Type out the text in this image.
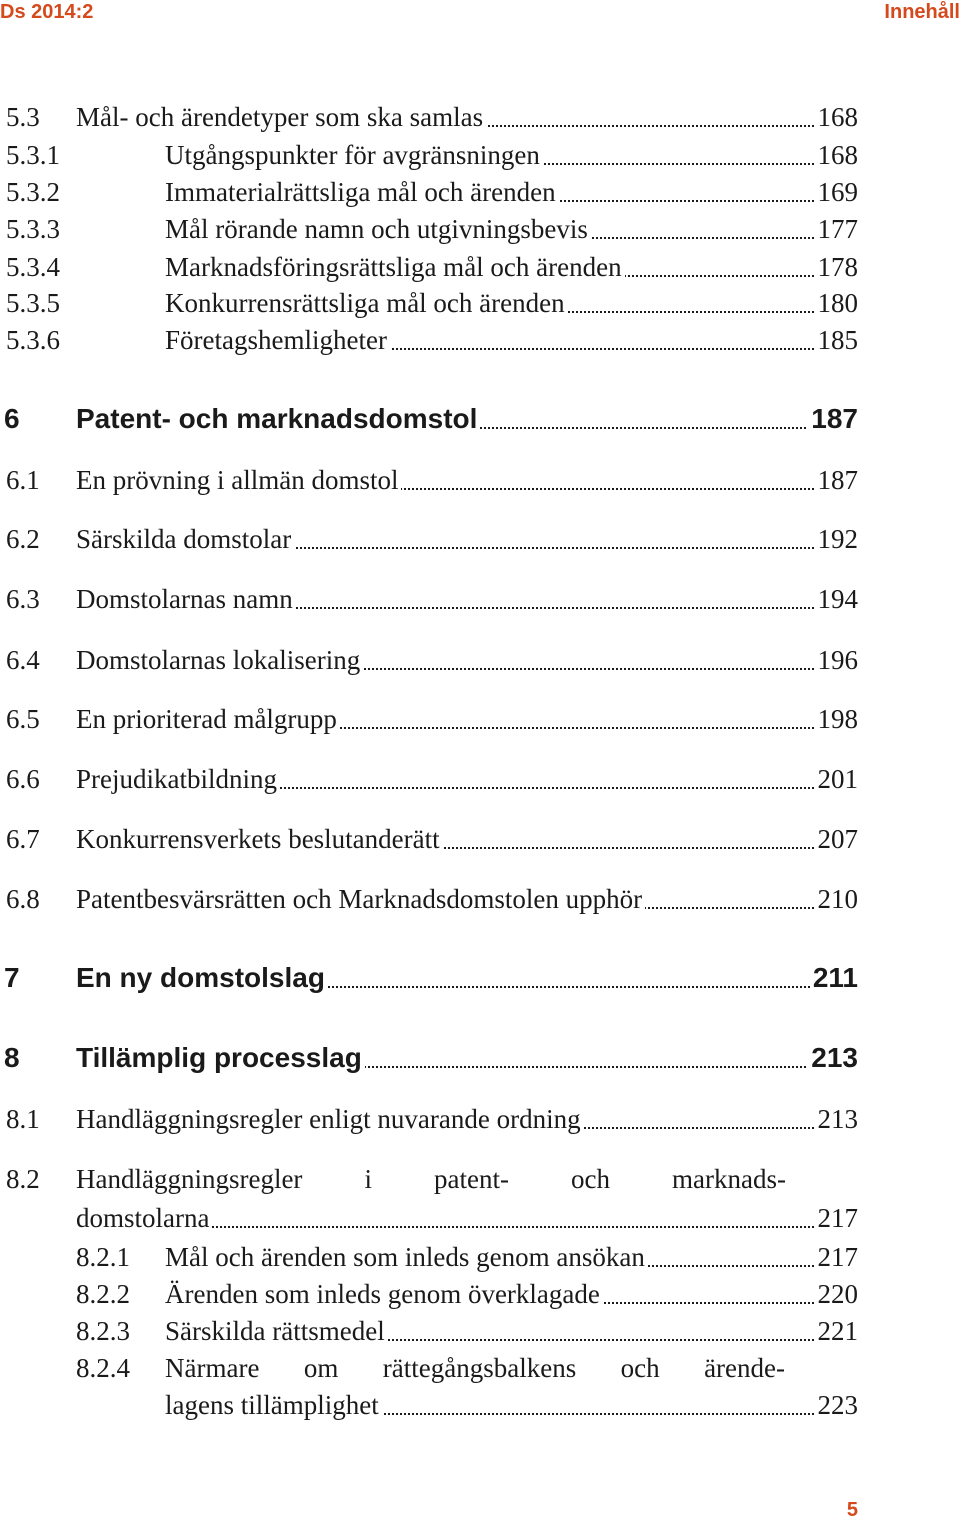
Ds 2014:2	Innehåll
5.3 Mål- och ärendetyper som ska samlas	168
5.3.1	Utgångspunkter för avgränsningen	168
5.3.2	Immaterialrättsliga mål och ärenden	169
5.3.3	Mål rörande namn och utgivningsbevis	177
5.3.4	Marknadsföringsrättsliga mål och ärenden	178
5.3.5	Konkurrensrättsliga mål och ärenden	180
5.3.6	Företagshemligheter	185
6 Patent- och marknadsdomstol	187
6.1 En prövning i allmän domstol	187
6.2 Särskilda domstolar	192
6.3 Domstolarnas namn	194
6.4 Domstolarnas lokalisering	196
6.5 En prioriterad målgrupp	198
6.6 Prejudikatbildning	201
6.7 Konkurrensverkets beslutanderätt	207
6.8 Patentbesvärsrätten och Marknadsdomstolen upphör	210
7 En ny domstolslag	211
8 Tillämplig processlag	213
8.1 Handläggningsregler enligt nuvarande ordning	213
8.2 Handläggningsregler i patent- och marknads-
domstolarna	217
8.2.1 Mål och ärenden som inleds genom ansökan	217
8.2.2 Ärenden som inleds genom överklagade	220
8.2.3 Särskilda rättsmedel	221
8.2.4 Närmare om rättegångsbalkens och ärende-
lagens tillämplighet	223
5
